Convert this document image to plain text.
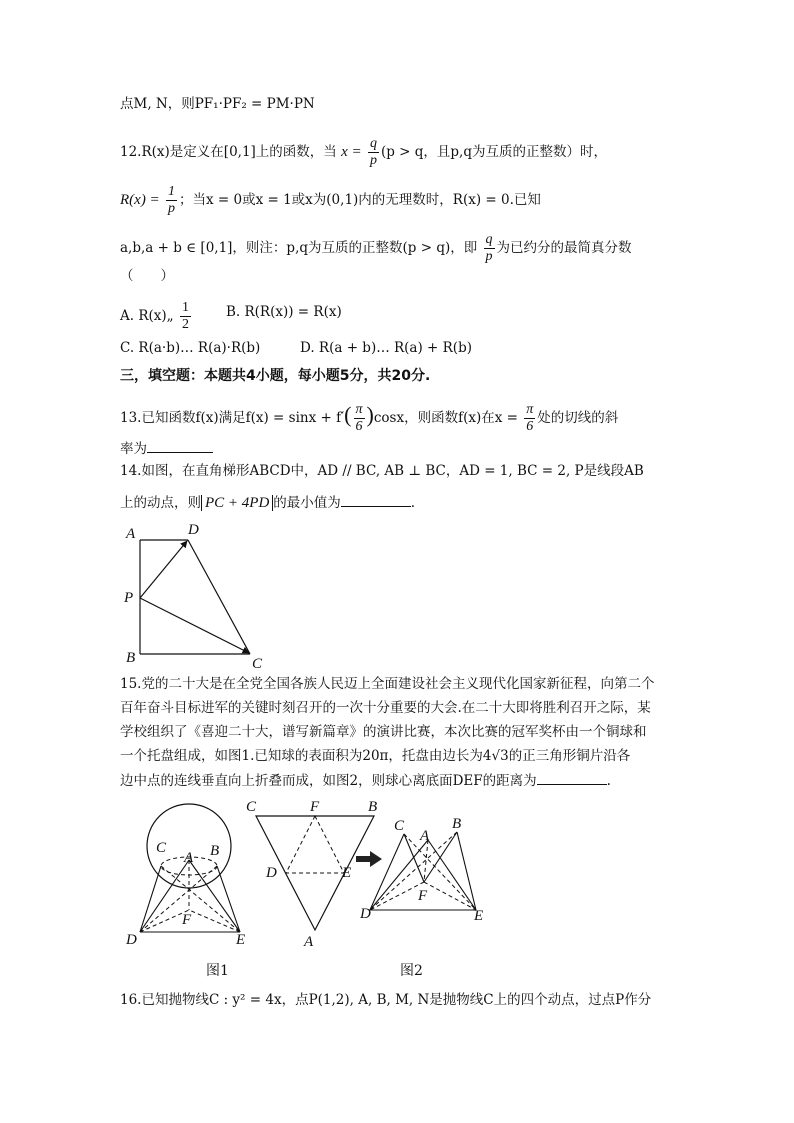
点M, N，则PF₁·PF₂ = PM·PN
12.R(x)是定义在[0,1]上的函数，当 $x = \frac{q}{p} (p > q$，且p,q为互质的正整数）时，
$R(x) = \frac{1}{p}$ ；当x = 0或x = 1或x为(0,1)内的无理数时，R(x) = 0.已知
a,b,a + b ∈ [0,1]，则注：p,q为互质的正整数(p > q)，即 $\frac{q}{p}$ 为已约分的最简真分数
（　　）
A. R(x)„ $\frac{1}{2}$	B. R(R(x)) = R(x)
C. R(a·b)… R(a)·R(b)	D. R(a + b)… R(a) + R(b)
三，填空题：本题共4小题，每小题5分，共20分.
13.已知函数f(x)满足$f(x) = \sin x + f'( \frac{\pi}{6} )\cos x$，则函数f(x)在$x = \frac{\pi}{6}$ 处的切线的斜
率为
14.如图，在直角梯形ABCD中，AD // BC, AB ⊥ BC，AD = 1, BC = 2, P是线段AB
上的动点，则 PC + 4PD 的最小值为	.
A	D
P
B	C
15.党的二十大是在全党全国各族人民迈上全面建设社会主义现代化国家新征程，向第二个
百年奋斗目标进军的关键时刻召开的一次十分重要的大会.在二十大即将胜利召开之际，某
学校组织了《喜迎二十大，谱写新篇章》的演讲比赛，本次比赛的冠军奖杯由一个铜球和
一个托盘组成，如图1.已知球的表面积为20π，托盘由边长为4√3的正三角形铜片沿各
边中点的连线垂直向上折叠而成，如图2，则球心离底面DEF的距离为	.
C	B
A
F
D	E
C	F	B
D	E
A
C
A
B
F
D	E
图1	图2
16.已知抛物线C : y² = 4x，点P(1,2), A, B, M, N是抛物线C上的四个动点，过点P作分
